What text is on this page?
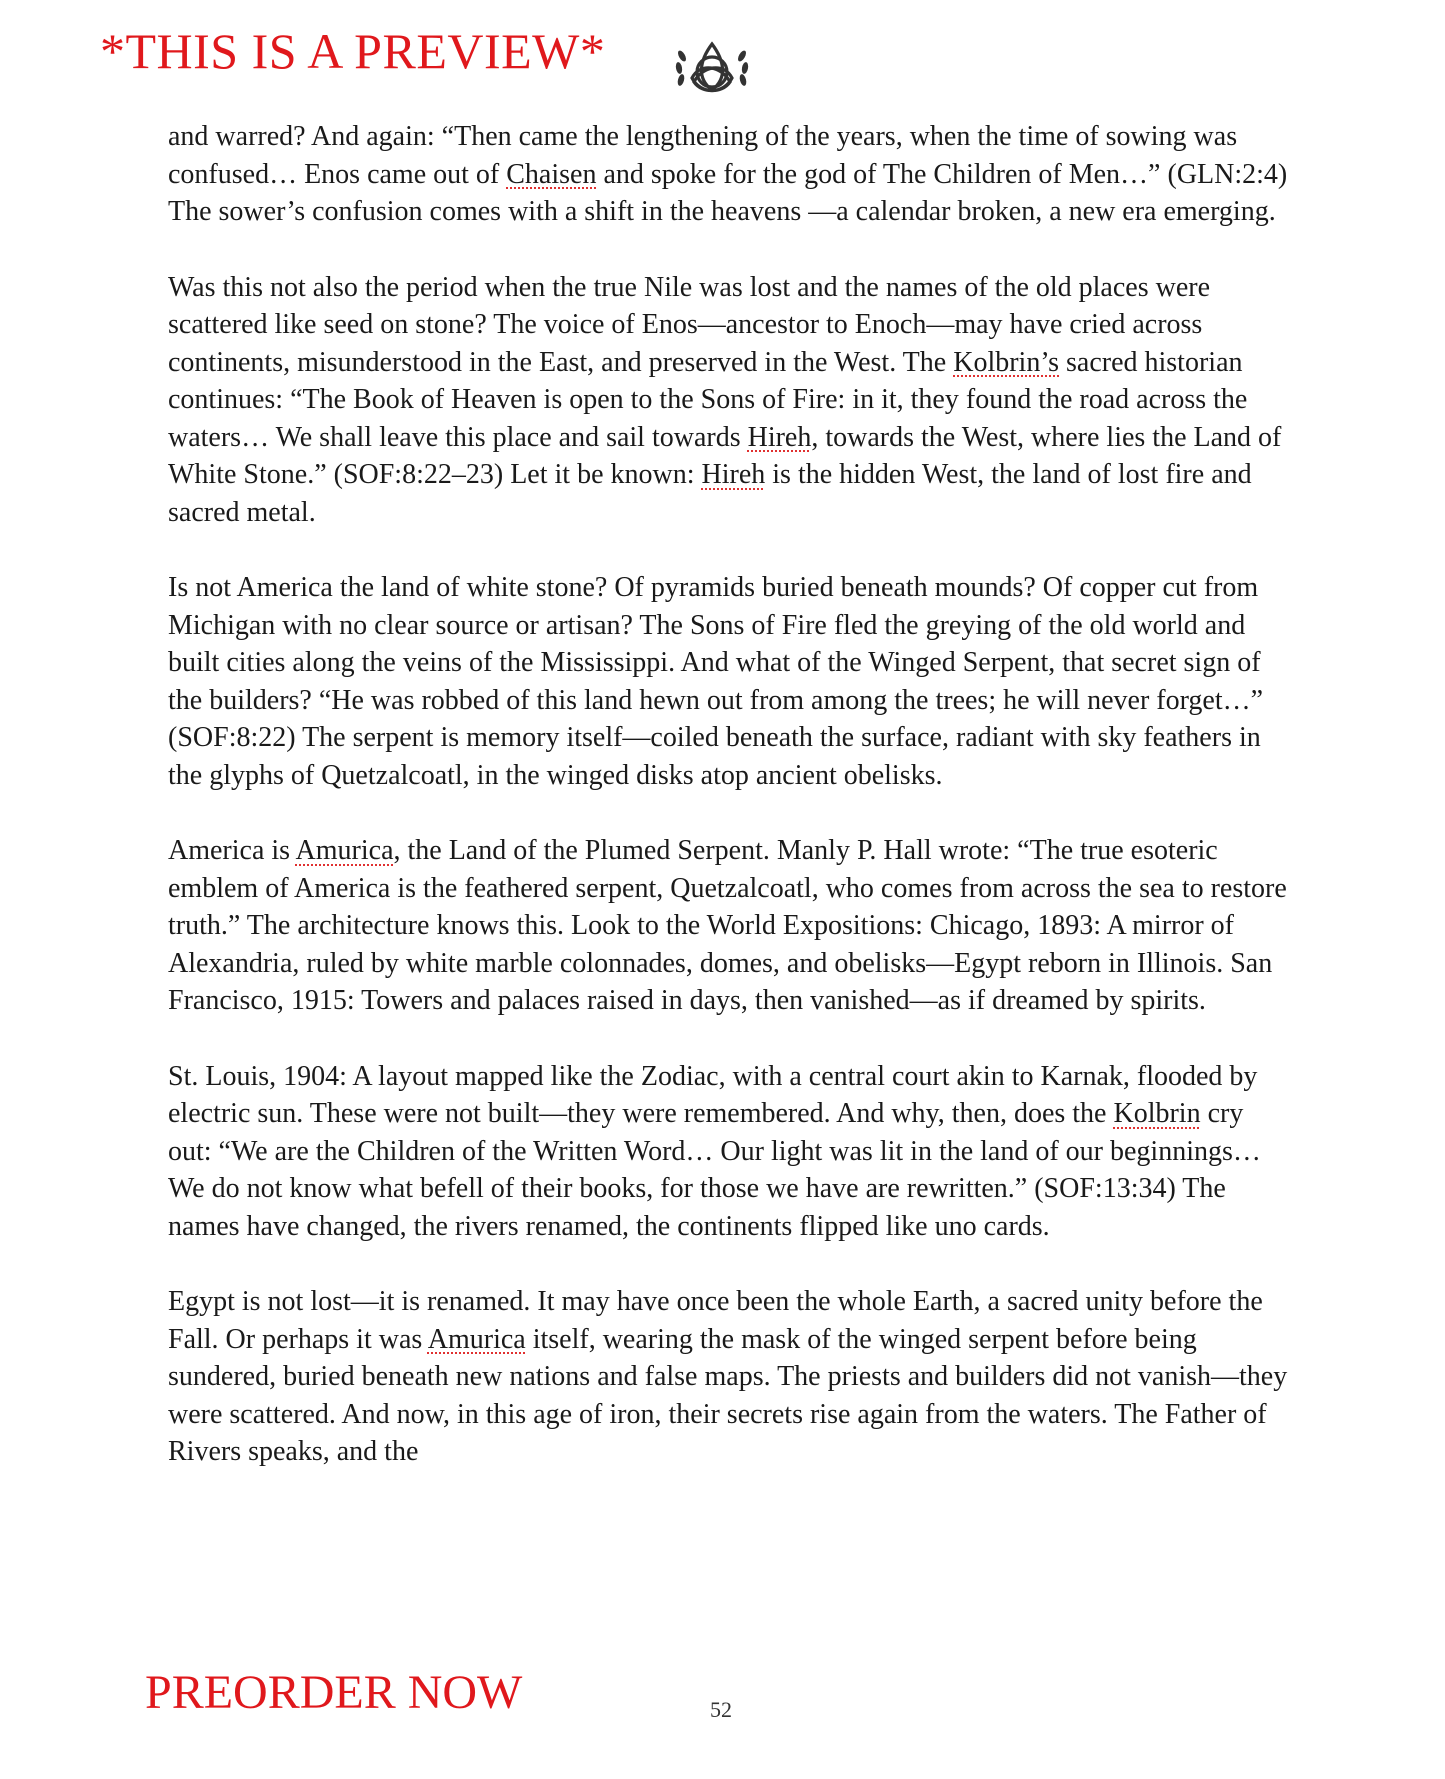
*THIS IS A PREVIEW*

and warred? And again: “Then came the lengthening of the years, when the time of sowing was confused… Enos came out of Chaisen and spoke for the god of The Children of Men…” (GLN:2:4) The sower’s confusion comes with a shift in the heavens —a calendar broken, a new era emerging.

Was this not also the period when the true Nile was lost and the names of the old places were scattered like seed on stone? The voice of Enos—ancestor to Enoch—may have cried across continents, misunderstood in the East, and preserved in the West. The Kolbrin’s sacred historian continues: “The Book of Heaven is open to the Sons of Fire: in it, they found the road across the waters… We shall leave this place and sail towards Hireh, towards the West, where lies the Land of White Stone.” (SOF:8:22–23) Let it be known: Hireh is the hidden West, the land of lost fire and sacred metal.

Is not America the land of white stone? Of pyramids buried beneath mounds? Of copper cut from Michigan with no clear source or artisan? The Sons of Fire fled the greying of the old world and built cities along the veins of the Mississippi. And what of the Winged Serpent, that secret sign of the builders? “He was robbed of this land hewn out from among the trees; he will never forget…” (SOF:8:22) The serpent is memory itself—coiled beneath the surface, radiant with sky feathers in the glyphs of Quetzalcoatl, in the winged disks atop ancient obelisks.

America is Amurica, the Land of the Plumed Serpent. Manly P. Hall wrote: “The true esoteric emblem of America is the feathered serpent, Quetzalcoatl, who comes from across the sea to restore truth.” The architecture knows this. Look to the World Expositions: Chicago, 1893: A mirror of Alexandria, ruled by white marble colonnades, domes, and obelisks—Egypt reborn in Illinois. San Francisco, 1915: Towers and palaces raised in days, then vanished—as if dreamed by spirits.

St. Louis, 1904: A layout mapped like the Zodiac, with a central court akin to Karnak, flooded by electric sun. These were not built—they were remembered. And why, then, does the Kolbrin cry out: “We are the Children of the Written Word… Our light was lit in the land of our beginnings… We do not know what befell of their books, for those we have are rewritten.” (SOF:13:34) The names have changed, the rivers renamed, the continents flipped like uno cards.

Egypt is not lost—it is renamed. It may have once been the whole Earth, a sacred unity before the Fall. Or perhaps it was Amurica itself, wearing the mask of the winged serpent before being sundered, buried beneath new nations and false maps. The priests and builders did not vanish—they were scattered. And now, in this age of iron, their secrets rise again from the waters. The Father of Rivers speaks, and the

PREORDER NOW	52
